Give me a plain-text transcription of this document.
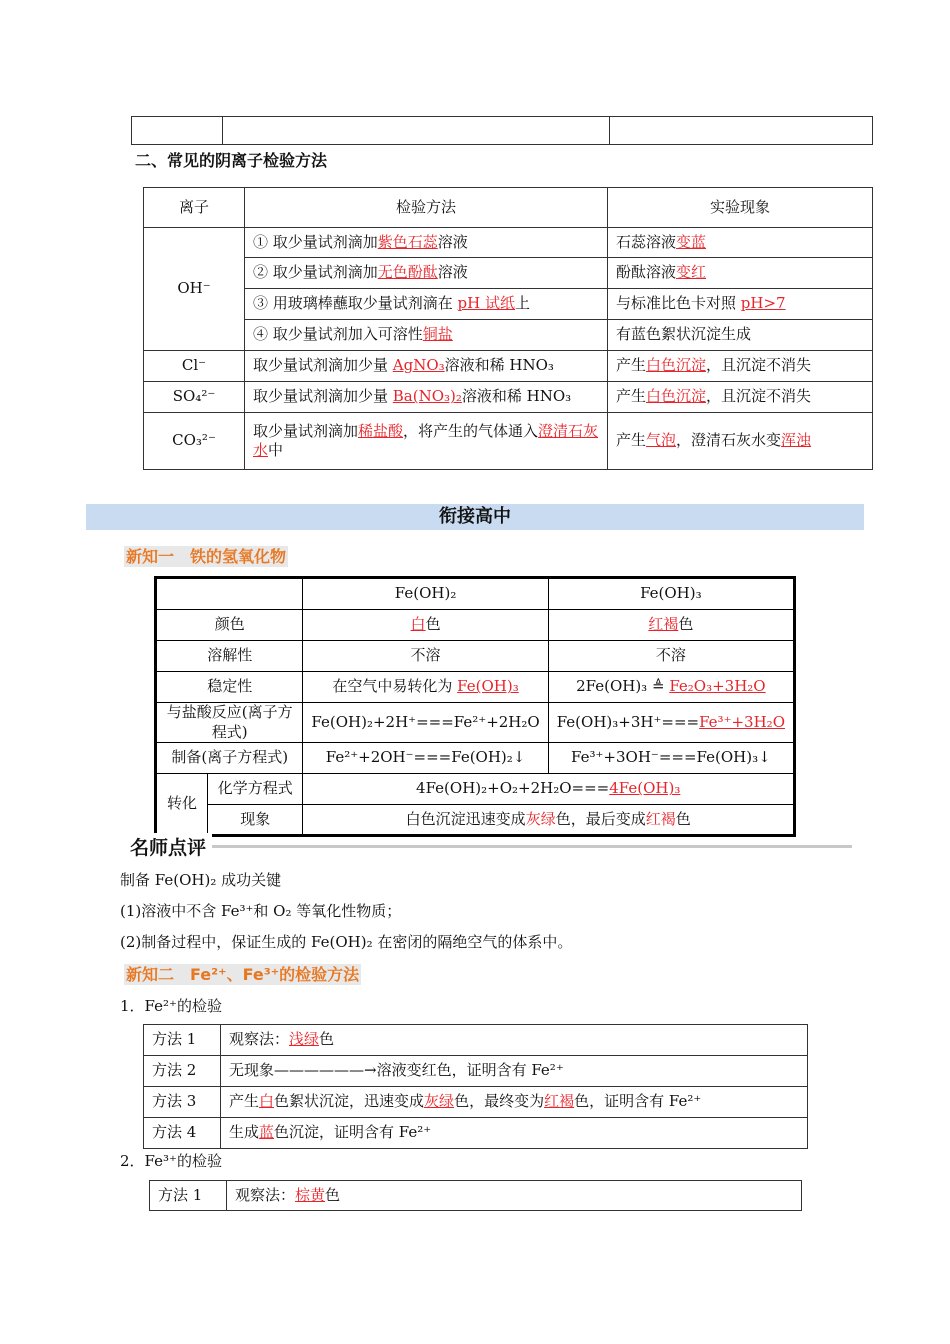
二、常见的阴离子检验方法
离子	检验方法	实验现象
OH⁻	① 取少量试剂滴加紫色石蕊溶液	石蕊溶液变蓝
	② 取少量试剂滴加无色酚酞溶液	酚酞溶液变红
	③ 用玻璃棒蘸取少量试剂滴在 pH 试纸上	与标准比色卡对照 pH>7
	④ 取少量试剂加入可溶性铜盐	有蓝色絮状沉淀生成
Cl⁻	取少量试剂滴加少量 AgNO₃溶液和稀 HNO₃	产生白色沉淀，且沉淀不消失
SO₄²⁻	取少量试剂滴加少量 Ba(NO₃)₂溶液和稀 HNO₃	产生白色沉淀，且沉淀不消失
CO₃²⁻	取少量试剂滴加稀盐酸，将产生的气体通入澄清石灰水中	产生气泡，澄清石灰水变浑浊
衔接高中
新知一　铁的氢氧化物
		Fe(OH)₂	Fe(OH)₃
颜色		白色	红褐色
溶解性		不溶	不溶
稳定性		在空气中易转化为 Fe(OH)₃	2Fe(OH)₃ ≜ Fe₂O₃+3H₂O
与盐酸反应(离子方程式)		Fe(OH)₂+2H⁺===Fe²⁺+2H₂O	Fe(OH)₃+3H⁺===Fe³⁺+3H₂O
制备(离子方程式)		Fe²⁺+2OH⁻===Fe(OH)₂↓	Fe³⁺+3OH⁻===Fe(OH)₃↓
转化	化学方程式	4Fe(OH)₂+O₂+2H₂O===4Fe(OH)₃	
	现象	白色沉淀迅速变成灰绿色，最后变成红褐色	
名师点评
制备 Fe(OH)₂ 成功关键
(1)溶液中不含 Fe³⁺和 O₂ 等氧化性物质；
(2)制备过程中，保证生成的 Fe(OH)₂ 在密闭的隔绝空气的体系中。
新知二　Fe²⁺、Fe³⁺的检验方法
1．Fe²⁺的检验
方法 1	观察法：浅绿色
方法 2	无现象——————→溶液变红色，证明含有 Fe²⁺
方法 3	产生白色絮状沉淀，迅速变成灰绿色，最终变为红褐色，证明含有 Fe²⁺
方法 4	生成蓝色沉淀，证明含有 Fe²⁺
2．Fe³⁺的检验
方法 1	观察法：棕黄色
